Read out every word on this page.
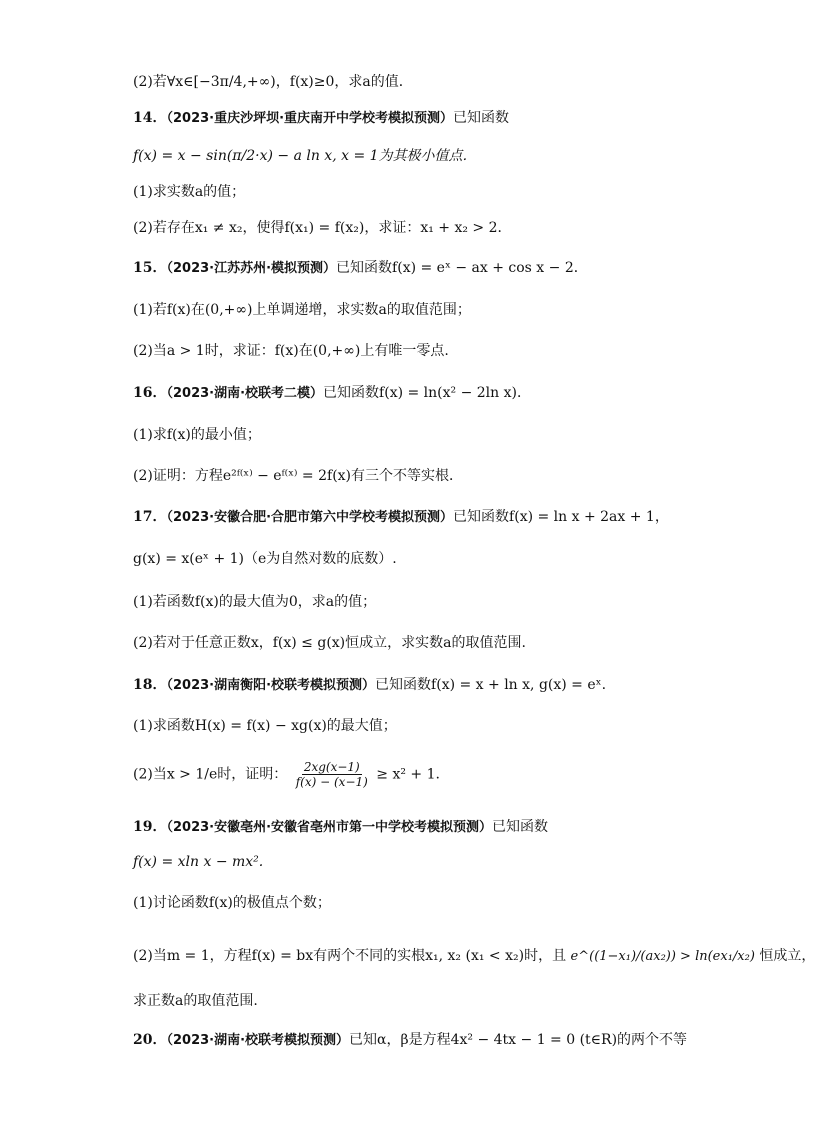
(2)若∀x∈[−3π/4,+∞)，f(x)≥0，求a的值．
14．（2023·重庆沙坪坝·重庆南开中学校考模拟预测）已知函数
f(x) = x − sin(π/2·x) − a ln x, x = 1为其极小值点．
(1)求实数a的值；
(2)若存在x₁ ≠ x₂，使得f(x₁) = f(x₂)，求证：x₁ + x₂ > 2．
15．（2023·江苏苏州·模拟预测）已知函数f(x) = eˣ − ax + cos x − 2．
(1)若f(x)在(0,+∞)上单调递增，求实数a的取值范围；
(2)当a > 1时，求证：f(x)在(0,+∞)上有唯一零点.
16．（2023·湖南·校联考二模）已知函数f(x) = ln(x² − 2ln x)．
(1)求f(x)的最小值；
(2)证明：方程e²ᶠ⁽ˣ⁾ − eᶠ⁽ˣ⁾ = 2f(x)有三个不等实根．
17．（2023·安徽合肥·合肥市第六中学校考模拟预测）已知函数f(x) = ln x + 2ax + 1，
g(x) = x(eˣ + 1)（e为自然对数的底数）.
(1)若函数f(x)的最大值为0，求a的值；
(2)若对于任意正数x，f(x) ≤ g(x)恒成立，求实数a的取值范围.
18．（2023·湖南衡阳·校联考模拟预测）已知函数f(x) = x + ln x, g(x) = eˣ.
(1)求函数H(x) = f(x) − xg(x)的最大值；
(2)当x > 1/e时，证明： $\frac{2xg(x-1)}{f(x) - (x-1)} \ge x^2 + 1$.
19．（2023·安徽亳州·安徽省亳州市第一中学校考模拟预测）已知函数
f(x) = xln x − mx².
(1)讨论函数f(x)的极值点个数；
(2)当m = 1，方程f(x) = bx有两个不同的实根x₁, x₂ (x₁ < x₂)时，且 e^((1−x₁)/(ax₂)) > ln(ex₁/x₂) 恒成立，
求正数a的取值范围.
20．（2023·湖南·校联考模拟预测）已知α，β是方程4x² − 4tx − 1 = 0 (t∈R)的两个不等
